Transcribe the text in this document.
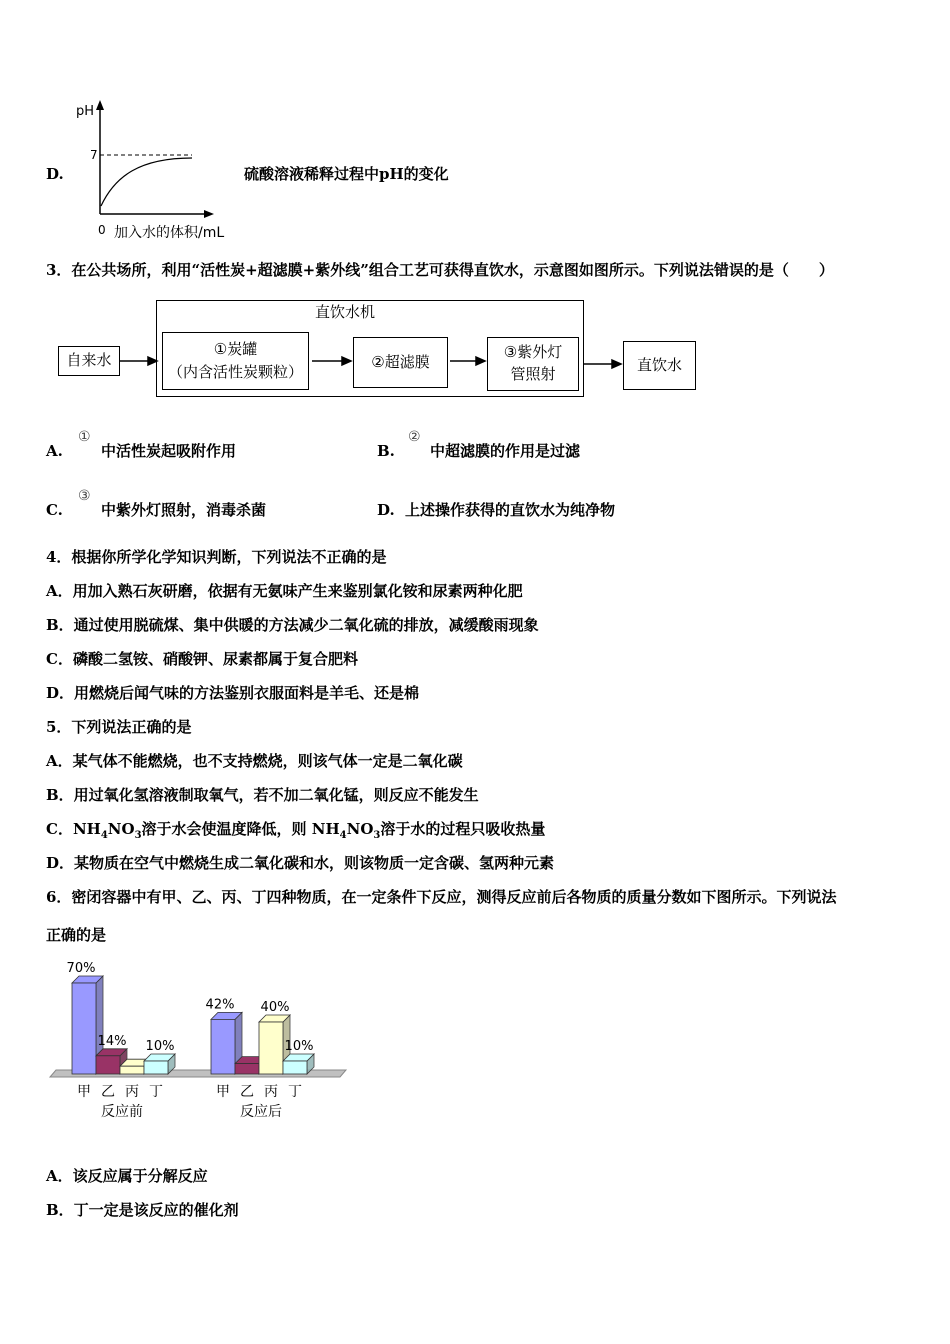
D.
pH
7
0 加入水的体积/mL
硫酸溶液稀释过程中pH的变化
3．在公共场所，利用“活性炭+超滤膜+紫外线”组合工艺可获得直饮水，示意图如图所示。下列说法错误的是（　　）
直饮水机
自来水
①炭罐
（内含活性炭颗粒）
②超滤膜
③紫外灯
管照射	直饮水
A.
①
中活性炭起吸附作用	B.
②
中超滤膜的作用是过滤
C.
③
中紫外灯照射，消毒杀菌	D. 上述操作获得的直饮水为纯净物
4．根据你所学化学知识判断，下列说法不正确的是
A．用加入熟石灰研磨，依据有无氨味产生来鉴别氯化铵和尿素两种化肥
B．通过使用脱硫煤、集中供暖的方法减少二氧化硫的排放，减缓酸雨现象
C．磷酸二氢铵、硝酸钾、尿素都属于复合肥料
D．用燃烧后闻气味的方法鉴别衣服面料是羊毛、还是棉
5．下列说法正确的是
A．某气体不能燃烧，也不支持燃烧，则该气体一定是二氧化碳
B．用过氧化氢溶液制取氧气，若不加二氧化锰，则反应不能发生
C．$NH_4NO_3$溶于水会使温度降低，则 $NH_4NO_3$溶于水的过程只吸收热量
D．某物质在空气中燃烧生成二氧化碳和水，则该物质一定含碳、氢两种元素
6．密闭容器中有甲、乙、丙、丁四种物质，在一定条件下反应，测得反应前后各物质的质量分数如下图所示。下列说法
正确的是
70%
甲
14%
乙 丙
10%
丁
反应前
42%
甲 乙
40%
丙
10%
丁
反应后
A．该反应属于分解反应
B．丁一定是该反应的催化剂
